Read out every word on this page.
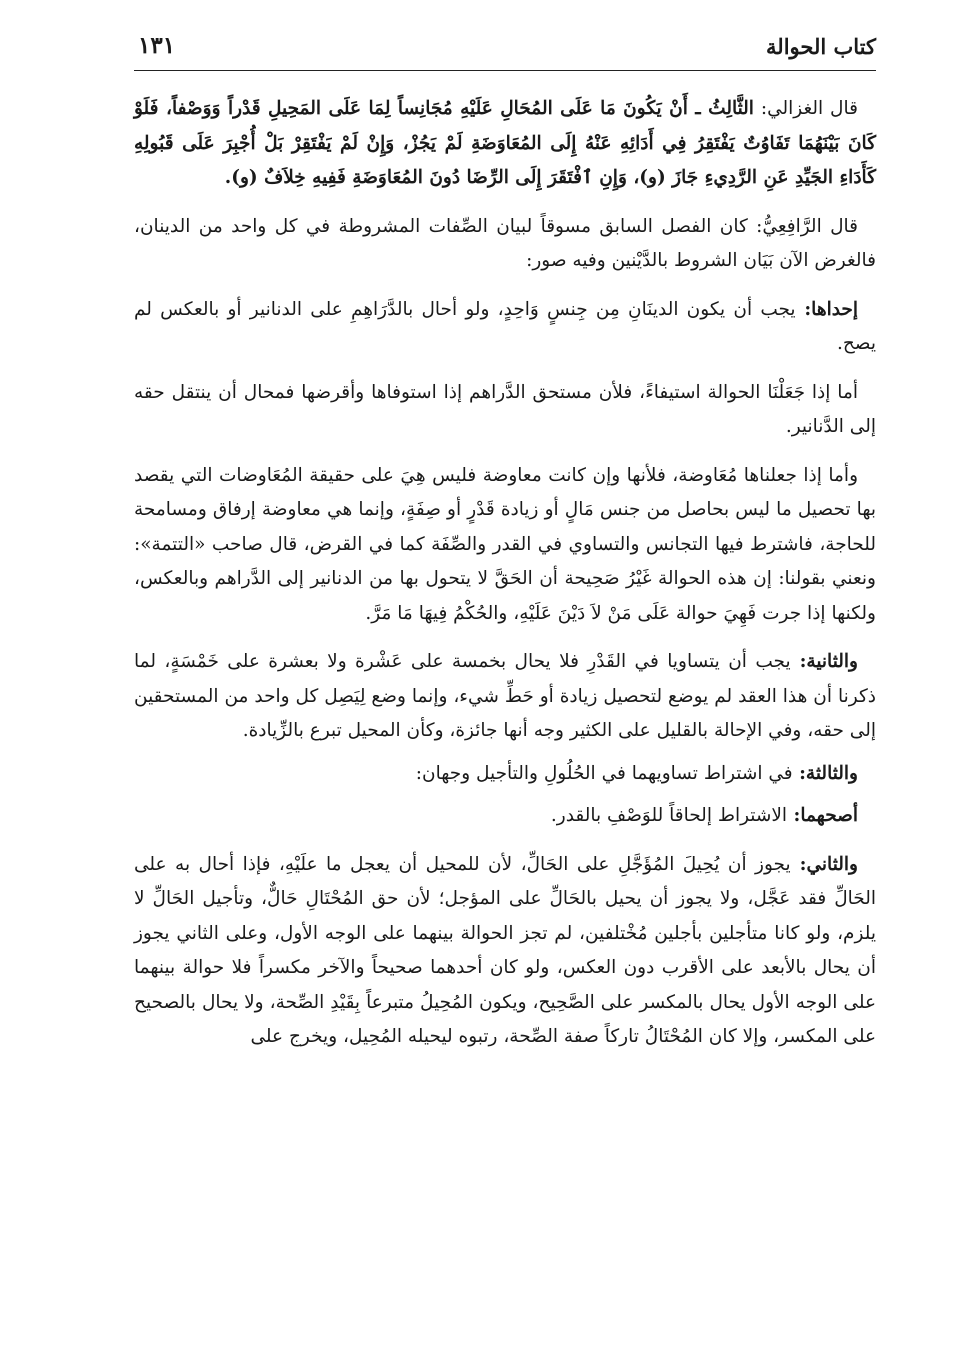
كتاب الحوالة
١٣١

قال الغزالي: الثَّالِثُ ـ أَنْ يَكُونَ مَا عَلَى المُحَالِ عَلَيْهِ مُجَانِساً لِمَا عَلَى المَحِيلِ قَدْراً وَوَصْفاً، فَلَوْ كَانَ بَيْنَهُمَا تَفَاوُتٌ يَفْتَقِرُ فِي أَدَائِهِ عَنْهُ إِلَى المُعَاوَضَةِ لَمْ يَجُزْ، وَإِنْ لَمْ يَفْتَقِرْ بَلْ أُجْبِرَ عَلَى قَبُولِهِ كَأَدَاءِ الجَيِّدِ عَنِ الرَّدِيءِ جَازَ (و)، وَإِنِ ٱفْتَقَرَ إِلَى الرِّضَا دُونَ المُعَاوَضَةِ فَفِيهِ خِلاَفٌ (و).

قال الرَّافِعِيُّ: كان الفصل السابق مسوقاً لبيان الصِّفات المشروطة في كل واحد من الدينان، فالغرض الآن بَيَان الشروط بالدَّيْنين وفيه صور:

إحداها: يجب أن يكون الدينَانِ مِن جِنسٍ وَاحِدٍ، ولو أحال بالدَّرَاهِمِ على الدنانير أو بالعكس لم يصح.

أما إذا جَعَلْنَا الحوالة استيفاءً، فلأن مستحق الدَّراهم إذا استوفاها وأقرضها فمحال أن ينتقل حقه إلى الدَّنانير.

وأما إذا جعلناها مُعَاوضة، فلأنها وإن كانت معاوضة فليس هِيَ على حقيقة المُعَاوضات التي يقصد بها تحصيل ما ليس بحاصل من جنس مَالٍ أو زيادة قَدْرٍ أو صِفَةٍ، وإنما هي معاوضة إرفاق ومسامحة للحاجة، فاشترط فيها التجانس والتساوي في القدر والصِّفَة كما في القرض، قال صاحب «التتمة»: ونعني بقولنا: إن هذه الحوالة غَيْرُ صَحِيحة أن الحَقَّ لا يتحول بها من الدنانير إلى الدَّراهم وبالعكس، ولكنها إذا جرت فَهِيَ حوالة عَلَى مَنْ لاَ دَيْنَ عَلَيْهِ، والحُكْمُ فِيهَا مَا مَرَّ.

والثانية: يجب أن يتساويا في القَدْرِ فلا يحال بخمسة على عَشْرة ولا بعشرة على خَمْسَةٍ، لما ذكرنا أن هذا العقد لم يوضع لتحصيل زيادة أو حَطِّ شيء، وإنما وضع لِيَصِل كل واحد من المستحقين إلى حقه، وفي الإحالة بالقليل على الكثير وجه أنها جائزة، وكأن المحيل تبرع بالزِّيادة.

والثالثة: في اشتراط تساويهما في الحُلُولِ والتأجيل وجهان:

أصحهما: الاشتراط إلحاقاً للوَصْفِ بالقدر.

والثاني: يجوز أن يُحِيلَ المُؤَجَّلِ على الحَالِّ، لأن للمحيل أن يعجل ما علَيْهِ، فإذا أحال به على الحَالِّ فقد عَجَّل، ولا يجوز أن يحيل بالحَالِّ على المؤجل؛ لأن حق المُحْتَالِ حَالٌّ، وتأجيل الحَالِّ لا يلزم، ولو كانا متأجلين بأجلين مُخْتلفين، لم تجز الحوالة بينهما على الوجه الأول، وعلى الثاني يجوز أن يحال بالأبعد على الأقرب دون العكس، ولو كان أحدهما صحيحاً والآخر مكسراً فلا حوالة بينهما على الوجه الأول يحال بالمكسر على الصَّحِيح، ويكون المُحِيلُ متبرعاً بِقَيْدِ الصِّحة، ولا يحال بالصحيح على المكسر، وإلا كان المُحْتَالُ تاركاً صفة الصِّحة، رتبوه ليحيله المُحِيل، ويخرج على
